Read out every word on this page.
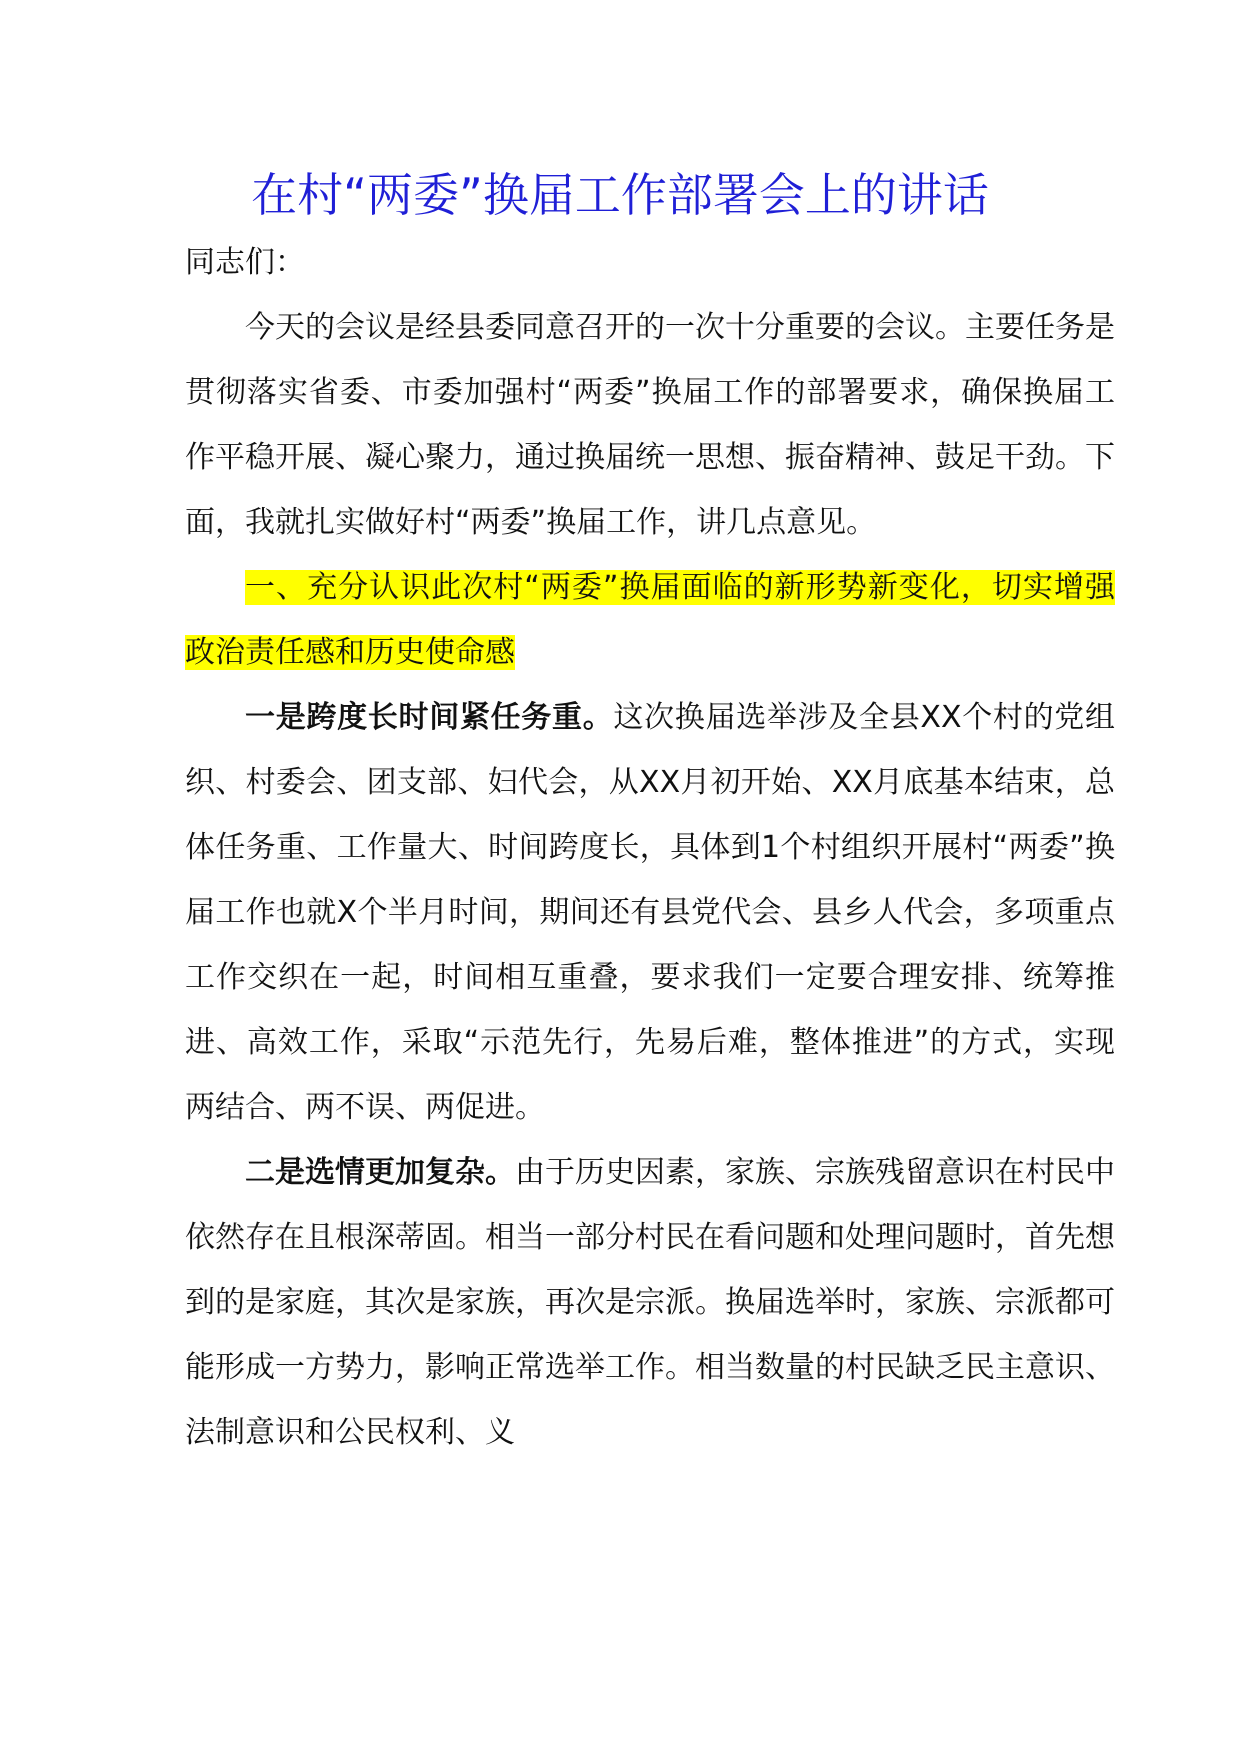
在村“两委”换届工作部署会上的讲话

同志们：

今天的会议是经县委同意召开的一次十分重要的会议。主要任务是贯彻落实省委、市委加强村“两委”换届工作的部署要求，确保换届工作平稳开展、凝心聚力，通过换届统一思想、振奋精神、鼓足干劲。下面，我就扎实做好村“两委”换届工作，讲几点意见。

一、充分认识此次村“两委”换届面临的新形势新变化，切实增强政治责任感和历史使命感

一是跨度长时间紧任务重。这次换届选举涉及全县XX个村的党组织、村委会、团支部、妇代会，从XX月初开始、XX月底基本结束，总体任务重、工作量大、时间跨度长，具体到1个村组织开展村“两委”换届工作也就X个半月时间，期间还有县党代会、县乡人代会，多项重点工作交织在一起，时间相互重叠，要求我们一定要合理安排、统筹推进、高效工作，采取“示范先行，先易后难，整体推进”的方式，实现两结合、两不误、两促进。

二是选情更加复杂。由于历史因素，家族、宗族残留意识在村民中依然存在且根深蒂固。相当一部分村民在看问题和处理问题时，首先想到的是家庭，其次是家族，再次是宗派。换届选举时，家族、宗派都可能形成一方势力，影响正常选举工作。相当数量的村民缺乏民主意识、法制意识和公民权利、义
